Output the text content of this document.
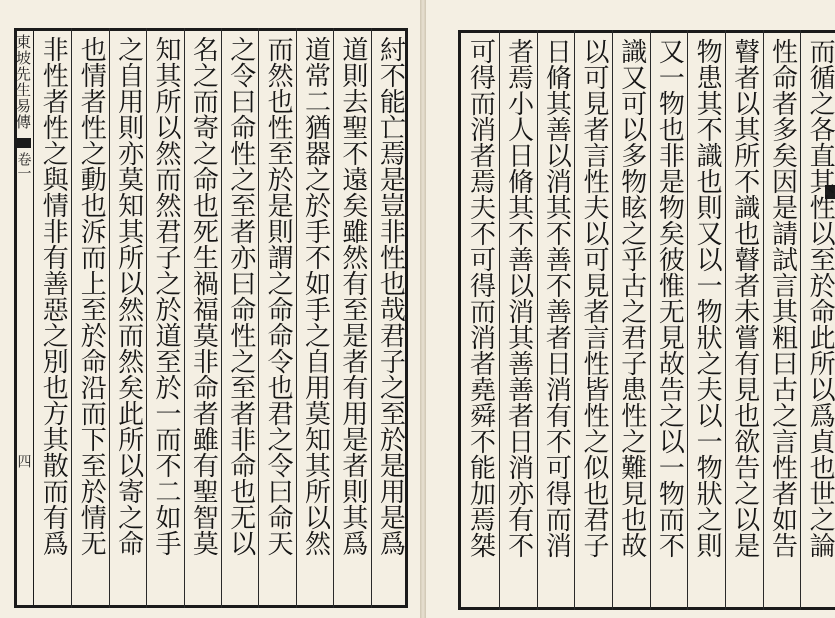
東坡先生易傳
卷一
四	紂不能亡焉是豈非性也哉君子之至於是用是爲
道則去聖不遠矣雖然有至是者有用是者則其爲
道常二猶器之於手不如手之自用莫知其所以然
而然也性至於是則謂之命命令也君之令曰命天
之令曰命性之至者亦曰命性之至者非命也无以
名之而寄之命也死生禍福莫非命者雖有聖智莫
知其所以然而然君子之於道至於一而不二如手
之自用則亦莫知其所以然而然矣此所以寄之命
也情者性之動也泝而上至於命沿而下至於情无
非性者性之與情非有善惡之別也方其散而有爲	而循之各直其性以至於命此所以爲貞也世之論
性命者多矣因是請試言其粗曰古之言性者如告
瞽者以其所不識也瞽者未嘗有見也欲告之以是
物患其不識也則又以一物狀之夫以一物狀之則
又一物也非是物矣彼惟无見故告之以一物而不
識又可以多物眩之乎古之君子患性之難見也故
以可見者言性夫以可見者言性皆性之似也君子
日脩其善以消其不善不善者日消有不可得而消
者焉小人日脩其不善以消其善善者日消亦有不
可得而消者焉夫不可得而消者堯舜不能加焉桀
